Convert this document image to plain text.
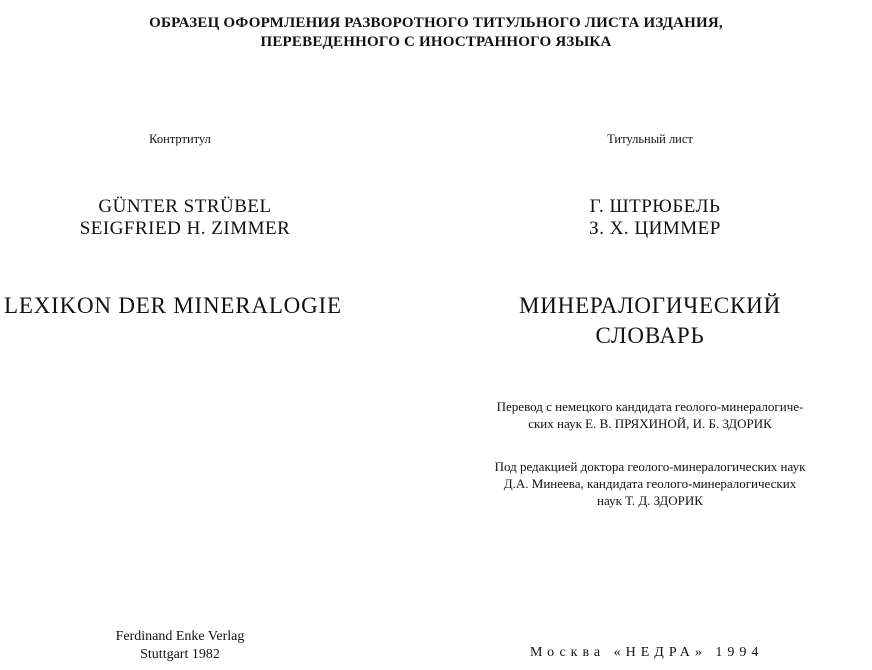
ОБРАЗЕЦ ОФОРМЛЕНИЯ РАЗВОРОТНОГО ТИТУЛЬНОГО ЛИСТА ИЗДАНИЯ,
ПЕРЕВЕДЕННОГО С ИНОСТРАННОГО ЯЗЫКА
Контртитул
GÜNTER STRÜBEL
SEIGFRIED H. ZIMMER
LEXIKON DER MINERALOGIE
Ferdinand Enke Verlag
Stuttgart 1982
Титульный лист
Г. ШТРЮБЕЛЬ
З. Х. ЦИММЕР
МИНЕРАЛОГИЧЕСКИЙ
СЛОВАРЬ
Перевод с немецкого кандидата геолого-минералогиче-
ских наук Е. В. ПРЯХИНОЙ, И. Б. ЗДОРИК
Под редакцией доктора геолого-минералогических наук
Д.А. Минеева, кандидата геолого-минералогических
наук Т. Д. ЗДОРИК
Москва «НЕДРА» 1994
